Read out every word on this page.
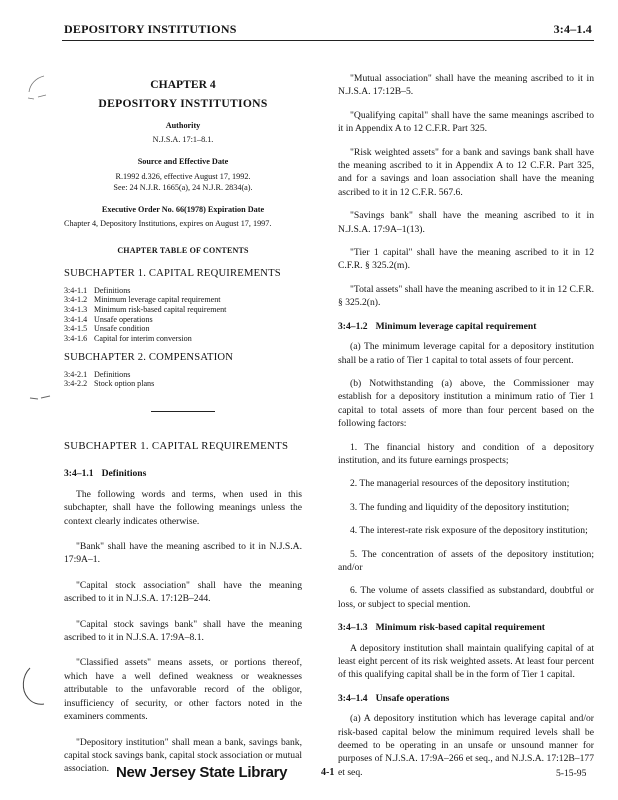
DEPOSITORY INSTITUTIONS	3:4–1.4
CHAPTER 4
DEPOSITORY INSTITUTIONS
Authority
N.J.S.A. 17:1–8.1.
Source and Effective Date
R.1992 d.326, effective August 17, 1992.
See: 24 N.J.R. 1665(a), 24 N.J.R. 2834(a).
Executive Order No. 66(1978) Expiration Date
Chapter 4, Depository Institutions, expires on August 17, 1997.
CHAPTER TABLE OF CONTENTS
SUBCHAPTER 1. CAPITAL REQUIREMENTS
3:4-1.1 Definitions
3:4-1.2 Minimum leverage capital requirement
3:4-1.3 Minimum risk-based capital requirement
3:4-1.4 Unsafe operations
3:4-1.5 Unsafe condition
3:4-1.6 Capital for interim conversion
SUBCHAPTER 2. COMPENSATION
3:4-2.1 Definitions
3:4-2.2 Stock option plans
SUBCHAPTER 1. CAPITAL REQUIREMENTS
3:4–1.1 Definitions

The following words and terms, when used in this subchapter, shall have the following meanings unless the context clearly indicates otherwise.

"Bank" shall have the meaning ascribed to it in N.J.S.A. 17:9A–1.

"Capital stock association" shall have the meaning ascribed to it in N.J.S.A. 17:12B–244.

"Capital stock savings bank" shall have the meaning ascribed to it in N.J.S.A. 17:9A–8.1.

"Classified assets" means assets, or portions thereof, which have a well defined weakness or weaknesses attributable to the unfavorable record of the obligor, insufficiency of security, or other factors noted in the examiners comments.

"Depository institution" shall mean a bank, savings bank, capital stock savings bank, capital stock association or mutual association.

"Mutual association" shall have the meaning ascribed to it in N.J.S.A. 17:12B–5.

"Qualifying capital" shall have the same meanings ascribed to it in Appendix A to 12 C.F.R. Part 325.

"Risk weighted assets" for a bank and savings bank shall have the meaning ascribed to it in Appendix A to 12 C.F.R. Part 325, and for a savings and loan association shall have the meaning ascribed to it in 12 C.F.R. 567.6.

"Savings bank" shall have the meaning ascribed to it in N.J.S.A. 17:9A–1(13).

"Tier 1 capital" shall have the meaning ascribed to it in 12 C.F.R. § 325.2(m).

"Total assets" shall have the meaning ascribed to it in 12 C.F.R. § 325.2(n).

3:4–1.2 Minimum leverage capital requirement

(a) The minimum leverage capital for a depository institution shall be a ratio of Tier 1 capital to total assets of four percent.

(b) Notwithstanding (a) above, the Commissioner may establish for a depository institution a minimum ratio of Tier 1 capital to total assets of more than four percent based on the following factors:

1. The financial history and condition of a depository institution, and its future earnings prospects;
2. The managerial resources of the depository institution;
3. The funding and liquidity of the depository institution;
4. The interest-rate risk exposure of the depository institution;
5. The concentration of assets of the depository institution; and/or
6. The volume of assets classified as substandard, doubtful or loss, or subject to special mention.
3:4–1.3 Minimum risk-based capital requirement

A depository institution shall maintain qualifying capital of at least eight percent of its risk weighted assets. At least four percent of this qualifying capital shall be in the form of Tier 1 capital.

3:4–1.4 Unsafe operations

(a) A depository institution which has leverage capital and/or risk-based capital below the minimum required levels shall be deemed to be operating in an unsafe or unsound manner for purposes of N.J.S.A. 17:9A–266 et seq., and N.J.S.A. 17:12B–177 et seq.

New Jersey State Library	4-1	5-15-95
